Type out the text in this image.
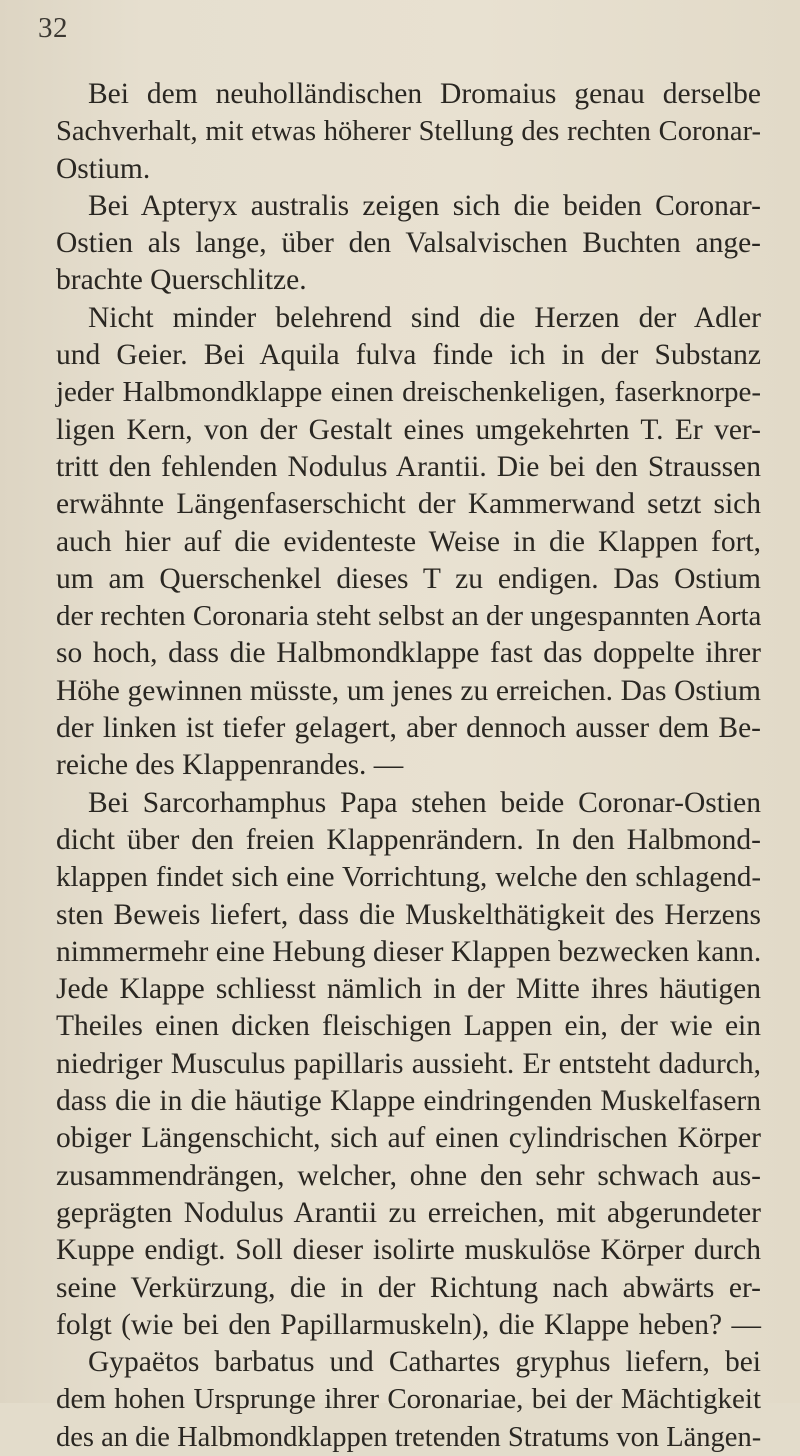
32
Bei dem neuholländischen Dromaius genau derselbe
Sachverhalt, mit etwas höherer Stellung des rechten Coronar-
Ostium.
Bei Apteryx australis zeigen sich die beiden Coronar-
Ostien als lange, über den Valsalvischen Buchten ange-
brachte Querschlitze.
Nicht minder belehrend sind die Herzen der Adler
und Geier. Bei Aquila fulva finde ich in der Substanz
jeder Halbmondklappe einen dreischenkeligen, faserknorpe-
ligen Kern, von der Gestalt eines umgekehrten T. Er ver-
tritt den fehlenden Nodulus Arantii. Die bei den Straussen
erwähnte Längenfaserschicht der Kammerwand setzt sich
auch hier auf die evidenteste Weise in die Klappen fort,
um am Querschenkel dieses T zu endigen. Das Ostium
der rechten Coronaria steht selbst an der ungespannten Aorta
so hoch, dass die Halbmondklappe fast das doppelte ihrer
Höhe gewinnen müsste, um jenes zu erreichen. Das Ostium
der linken ist tiefer gelagert, aber dennoch ausser dem Be-
reiche des Klappenrandes. —
Bei Sarcorhamphus Papa stehen beide Coronar-Ostien
dicht über den freien Klappenrändern. In den Halbmond-
klappen findet sich eine Vorrichtung, welche den schlagend-
sten Beweis liefert, dass die Muskelthätigkeit des Herzens
nimmermehr eine Hebung dieser Klappen bezwecken kann.
Jede Klappe schliesst nämlich in der Mitte ihres häutigen
Theiles einen dicken fleischigen Lappen ein, der wie ein
niedriger Musculus papillaris aussieht. Er entsteht dadurch,
dass die in die häutige Klappe eindringenden Muskelfasern
obiger Längenschicht, sich auf einen cylindrischen Körper
zusammendrängen, welcher, ohne den sehr schwach aus-
geprägten Nodulus Arantii zu erreichen, mit abgerundeter
Kuppe endigt. Soll dieser isolirte muskulöse Körper durch
seine Verkürzung, die in der Richtung nach abwärts er-
folgt (wie bei den Papillarmuskeln), die Klappe heben? —
Gypaëtos barbatus und Cathartes gryphus liefern, bei
dem hohen Ursprunge ihrer Coronariae, bei der Mächtigkeit
des an die Halbmondklappen tretenden Stratums von Längen-
